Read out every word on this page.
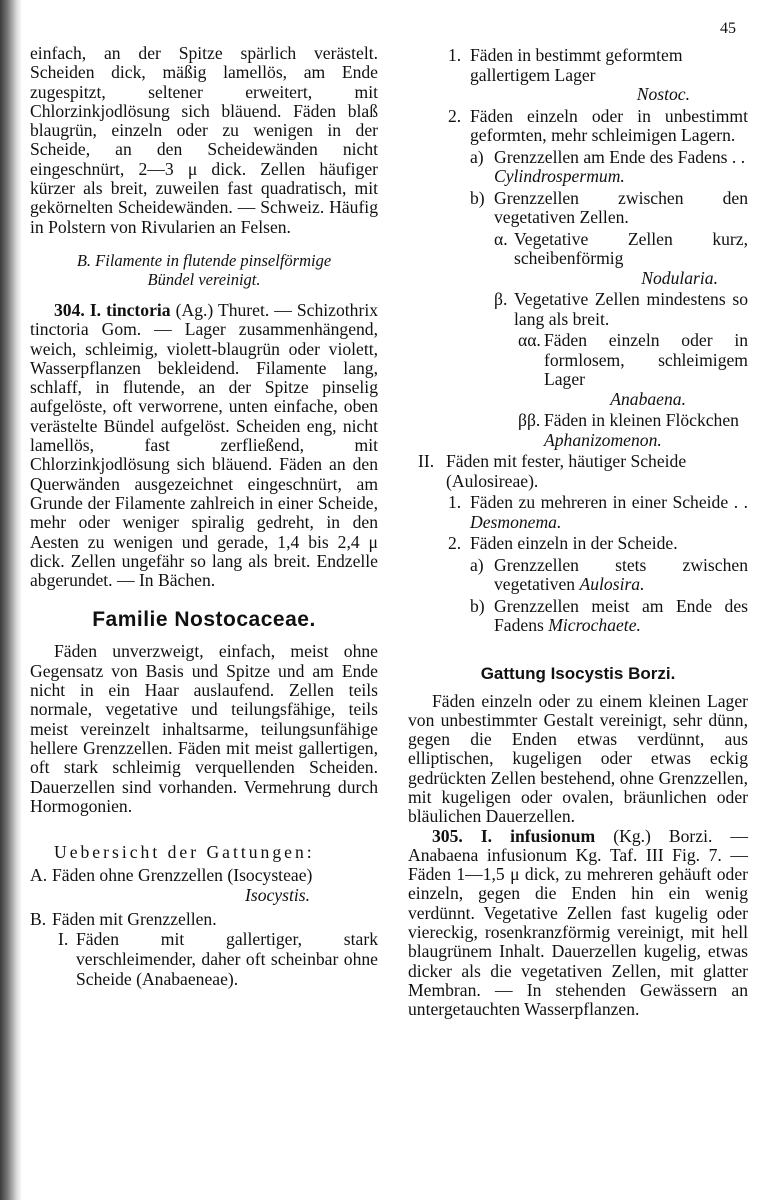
45

einfach, an der Spitze spärlich verästelt. Scheiden dick, mäßig lamellös, am Ende zugespitzt, seltener erweitert, mit Chlorzinkjodlösung sich bläuend. Fäden blaß blaugrün, einzeln oder zu wenigen in der Scheide, an den Scheidewänden nicht eingeschnürt, 2—3 μ dick. Zellen häufiger kürzer als breit, zuweilen fast quadratisch, mit gekörnelten Scheidewänden. — Schweiz. Häufig in Polstern von Rivularien an Felsen.

B. Filamente in flutende pinselförmige
Bündel vereinigt.

304. I. tinctoria (Ag.) Thuret. — Schizothrix tinctoria Gom. — Lager zusammenhängend, weich, schleimig, violett-blaugrün oder violett, Wasserpflanzen bekleidend. Filamente lang, schlaff, in flutende, an der Spitze pinselig aufgelöste, oft verworrene, unten einfache, oben verästelte Bündel aufgelöst. Scheiden eng, nicht lamellös, fast zerfließend, mit Chlorzinkjodlösung sich bläuend. Fäden an den Querwänden ausgezeichnet eingeschnürt, am Grunde der Filamente zahlreich in einer Scheide, mehr oder weniger spiralig gedreht, in den Aesten zu wenigen und gerade, 1,4 bis 2,4 μ dick. Zellen ungefähr so lang als breit. Endzelle abgerundet. — In Bächen.

Familie Nostocaceae.

Fäden unverzweigt, einfach, meist ohne Gegensatz von Basis und Spitze und am Ende nicht in ein Haar auslaufend. Zellen teils normale, vegetative und teilungsfähige, teils meist vereinzelt inhaltsarme, teilungsunfähige hellere Grenzzellen. Fäden mit meist gallertigen, oft stark schleimig verquellenden Scheiden. Dauerzellen sind vorhanden. Vermehrung durch Hormogonien.

Uebersicht der Gattungen:
A. Fäden ohne Grenzzellen (Isocysteae)
Isocystis.
B. Fäden mit Grenzzellen.
I. Fäden mit gallertiger, stark verschleimender, daher oft scheinbar ohne Scheide (Anabaeneae).
1. Fäden in bestimmt geformtem gallertigem Lager
Nostoc.
2. Fäden einzeln oder in unbestimmt geformten, mehr schleimigen Lagern.
a) Grenzzellen am Ende des Fadens . . Cylindrospermum.
b) Grenzzellen zwischen den vegetativen Zellen.
α. Vegetative Zellen kurz, scheibenförmig
Nodularia.
β. Vegetative Zellen mindestens so lang als breit.
αα. Fäden einzeln oder in formlosem, schleimigem Lager
Anabaena.
ββ. Fäden in kleinen Flöckchen Aphanizomenon.
II. Fäden mit fester, häutiger Scheide (Aulosireae).
1. Fäden zu mehreren in einer Scheide . . Desmonema.
2. Fäden einzeln in der Scheide.
a) Grenzzellen stets zwischen vegetativen Aulosira.
b) Grenzzellen meist am Ende des Fadens Microchaete.
Gattung Isocystis Borzi.

Fäden einzeln oder zu einem kleinen Lager von unbestimmter Gestalt vereinigt, sehr dünn, gegen die Enden etwas verdünnt, aus elliptischen, kugeligen oder etwas eckig gedrückten Zellen bestehend, ohne Grenzzellen, mit kugeligen oder ovalen, bräunlichen oder bläulichen Dauerzellen.

305. I. infusionum (Kg.) Borzi. — Anabaena infusionum Kg. Taf. III Fig. 7. — Fäden 1—1,5 μ dick, zu mehreren gehäuft oder einzeln, gegen die Enden hin ein wenig verdünnt. Vegetative Zellen fast kugelig oder viereckig, rosenkranzförmig vereinigt, mit hell blaugrünem Inhalt. Dauerzellen kugelig, etwas dicker als die vegetativen Zellen, mit glatter Membran. — In stehenden Gewässern an untergetauchten Wasserpflanzen.
